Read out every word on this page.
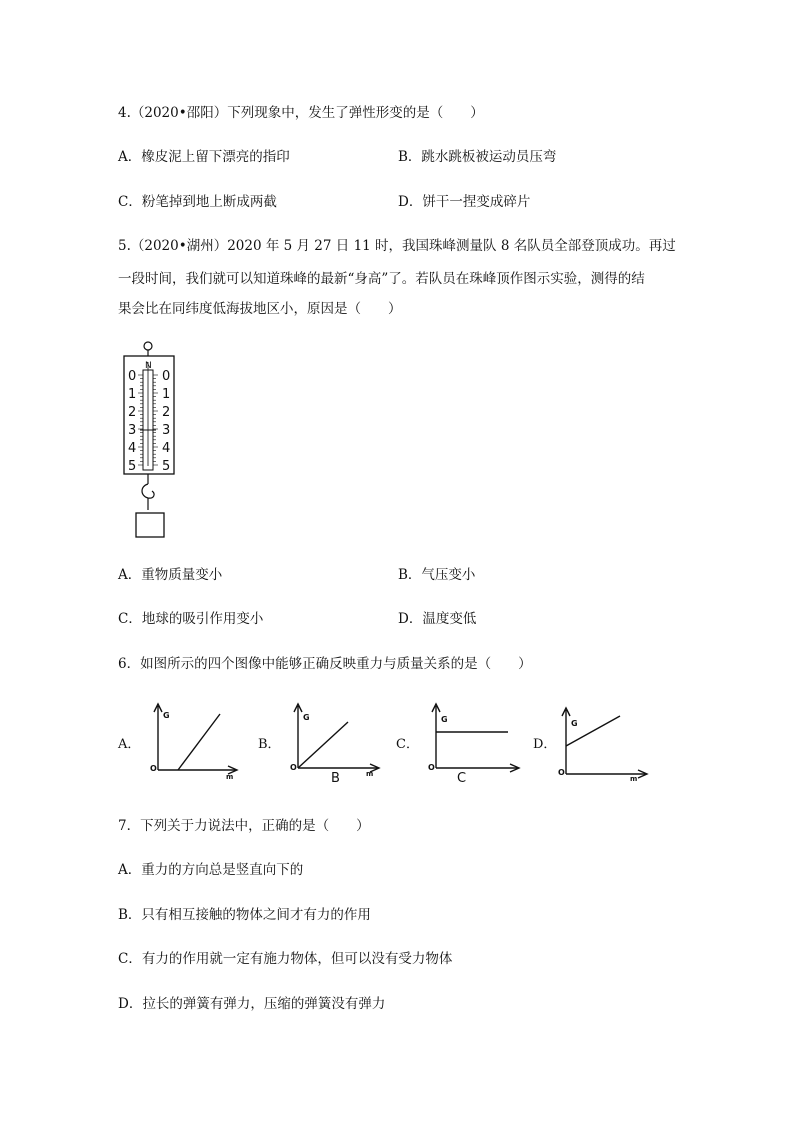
4.（2020•邵阳）下列现象中，发生了弹性形变的是（　　）
A．橡皮泥上留下漂亮的指印	B．跳水跳板被运动员压弯
C．粉笔掉到地上断成两截	D．饼干一捏变成碎片
5.（2020•湖州）2020 年 5 月 27 日 11 时，我国珠峰测量队 8 名队员全部登顶成功。再过
一段时间，我们就可以知道珠峰的最新“身高”了。若队员在珠峰顶作图示实验，测得的结
果会比在同纬度低海拔地区小，原因是（　　）
N
0
1
2
3
4
5
0
1
2
3
4
5
A．重物质量变小	B．气压变小
C．地球的吸引作用变小	D．温度变低
6．如图所示的四个图像中能够正确反映重力与质量关系的是（　　）
A．
G
O
m
B．
G
O
m
B
C．
G
O
C
D．
G
O
m
7．下列关于力说法中，正确的是（　　）
A．重力的方向总是竖直向下的
B．只有相互接触的物体之间才有力的作用
C．有力的作用就一定有施力物体，但可以没有受力物体
D．拉长的弹簧有弹力，压缩的弹簧没有弹力
